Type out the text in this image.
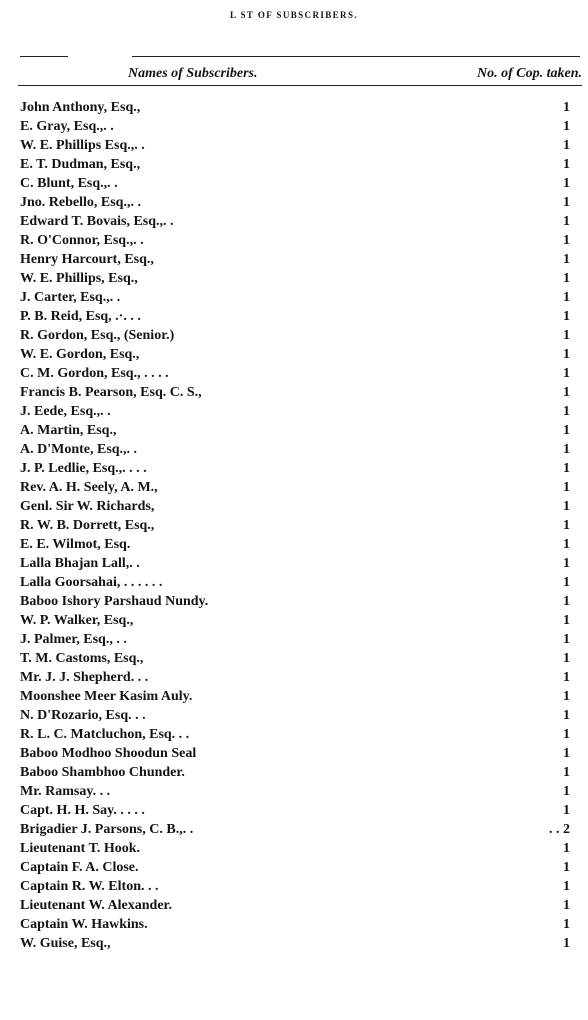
L ST OF SUBSCRIBERS.
Names of Subscribers.	No. of Cop. taken.
John Anthony, Esq.,	1
E. Gray, Esq.,. .	1
W. E. Phillips Esq.,. .	1
E. T. Dudman, Esq.,	1
C. Blunt, Esq.,. .	1
Jno. Rebello, Esq.,. .	1
Edward T. Bovais, Esq.,. .	1
R. O'Connor, Esq.,. .	1
Henry Harcourt, Esq.,	1
W. E. Phillips, Esq.,	1
J. Carter, Esq.,. .	1
P. B. Reid, Esq, .·. . .	1
R. Gordon, Esq., (Senior.)	1
W. E. Gordon, Esq.,	1
C. M. Gordon, Esq., . . . .	1
Francis B. Pearson, Esq. C. S.,	1
J. Eede, Esq.,. .	1
A. Martin, Esq.,	1
A. D'Monte, Esq.,. .	1
J. P. Ledlie, Esq.,. . . .	1
Rev. A. H. Seely, A. M.,	1
Genl. Sir W. Richards,	1
R. W. B. Dorrett, Esq.,	1
E. E. Wilmot, Esq.	1
Lalla Bhajan Lall,. .	1
Lalla Goorsahai, . . . . . .	1
Baboo Ishory Parshaud Nundy.	1
W. P. Walker, Esq.,	1
J. Palmer, Esq., . .	1
T. M. Castoms, Esq.,	1
Mr. J. J. Shepherd. . .	1
Moonshee Meer Kasim Auly.	1
N. D'Rozario, Esq. . .	1
R. L. C. Matcluchon, Esq. . .	1
Baboo Modhoo Shoodun Seal	1
Baboo Shambhoo Chunder.	1
Mr. Ramsay. . .	1
Capt. H. H. Say. . . . .	1
Brigadier J. Parsons, C. B.,. .	. . 2
Lieutenant T. Hook.	1
Captain F. A. Close.	1
Captain R. W. Elton. . .	1
Lieutenant W. Alexander.	1
Captain W. Hawkins.	1
W. Guise, Esq.,	1
